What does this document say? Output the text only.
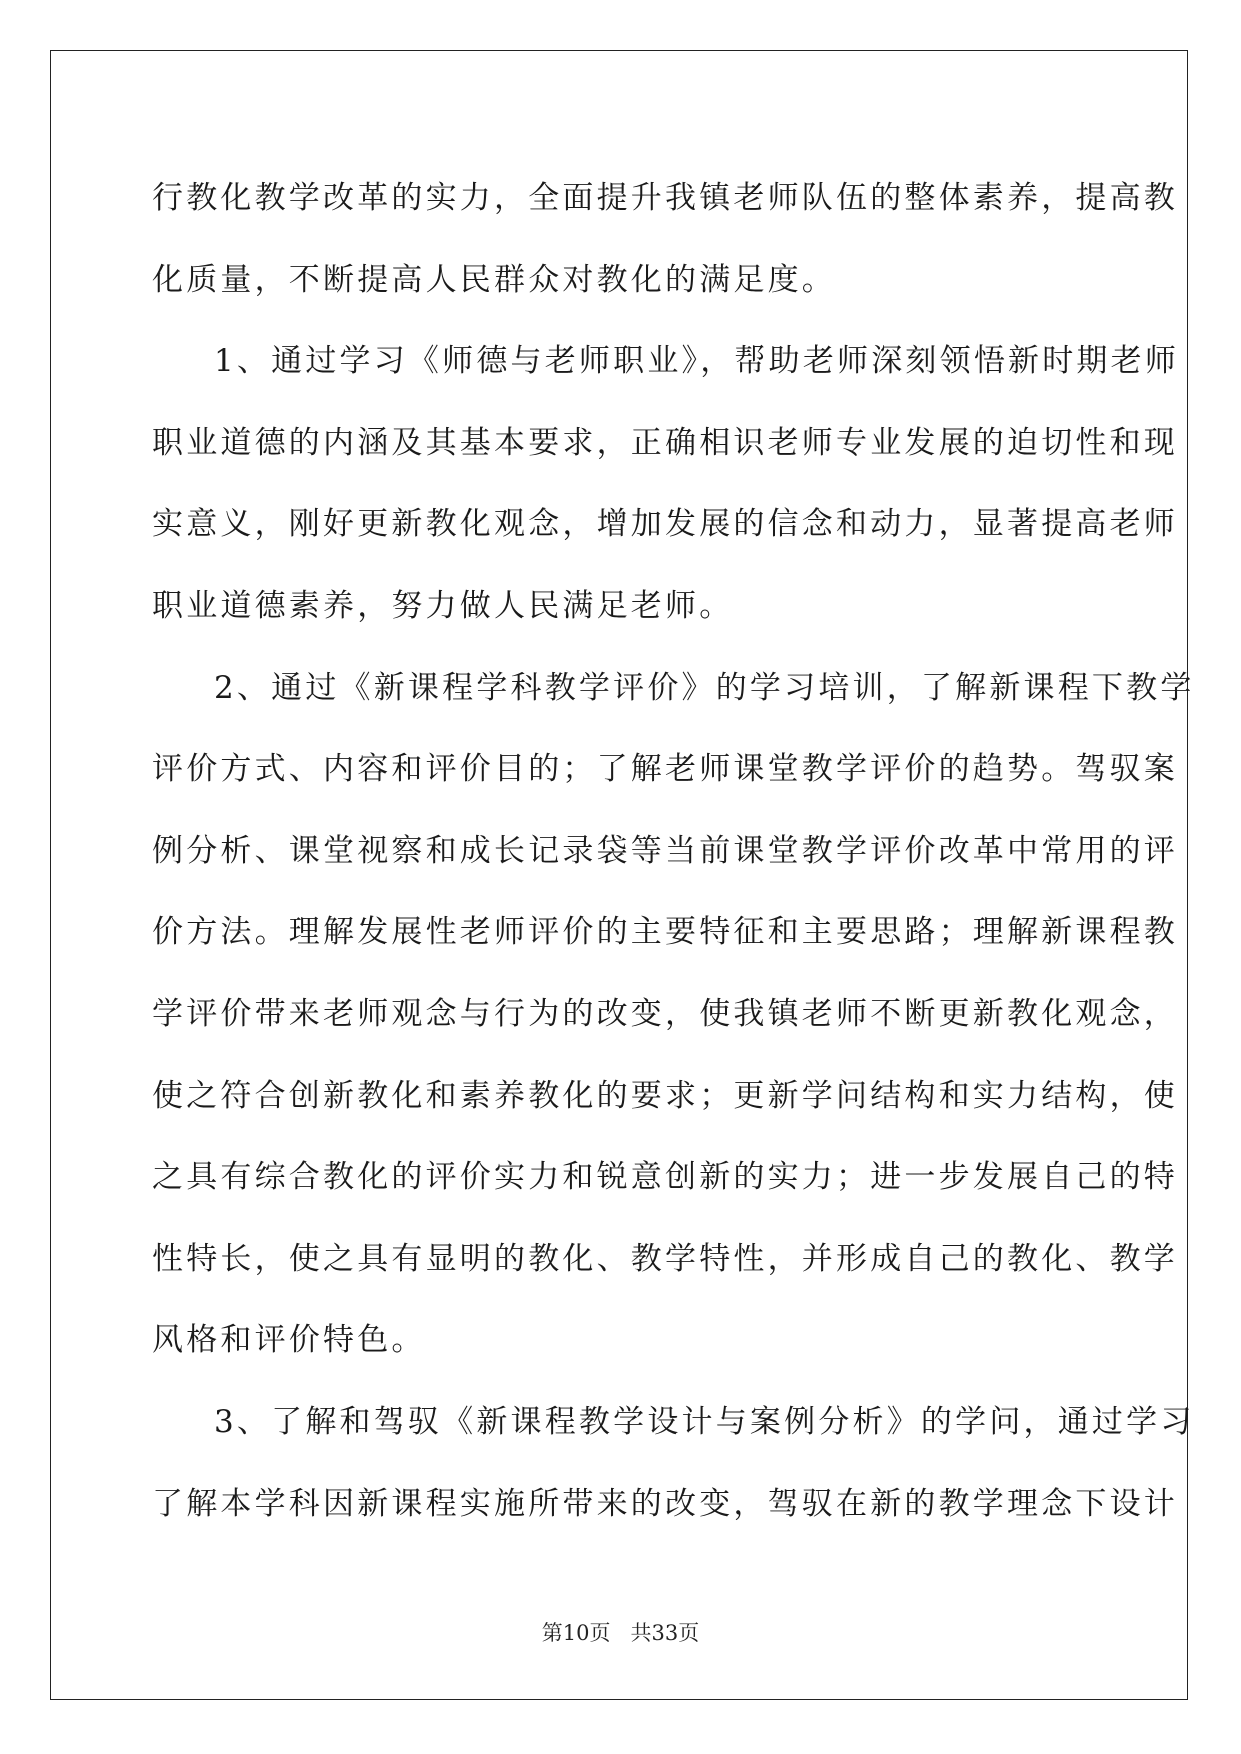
行教化教学改革的实力，全面提升我镇老师队伍的整体素养，提高教
化质量，不断提高人民群众对教化的满足度。
1、通过学习《师德与老师职业》，帮助老师深刻领悟新时期老师
职业道德的内涵及其基本要求，正确相识老师专业发展的迫切性和现
实意义，刚好更新教化观念，增加发展的信念和动力，显著提高老师
职业道德素养，努力做人民满足老师。
2、通过《新课程学科教学评价》的学习培训，了解新课程下教学
评价方式、内容和评价目的；了解老师课堂教学评价的趋势。驾驭案
例分析、课堂视察和成长记录袋等当前课堂教学评价改革中常用的评
价方法。理解发展性老师评价的主要特征和主要思路；理解新课程教
学评价带来老师观念与行为的改变，使我镇老师不断更新教化观念，
使之符合创新教化和素养教化的要求；更新学问结构和实力结构，使
之具有综合教化的评价实力和锐意创新的实力；进一步发展自己的特
性特长，使之具有显明的教化、教学特性，并形成自己的教化、教学
风格和评价特色。
3、了解和驾驭《新课程教学设计与案例分析》的学问，通过学习
了解本学科因新课程实施所带来的改变，驾驭在新的教学理念下设计
第10页 共33页
